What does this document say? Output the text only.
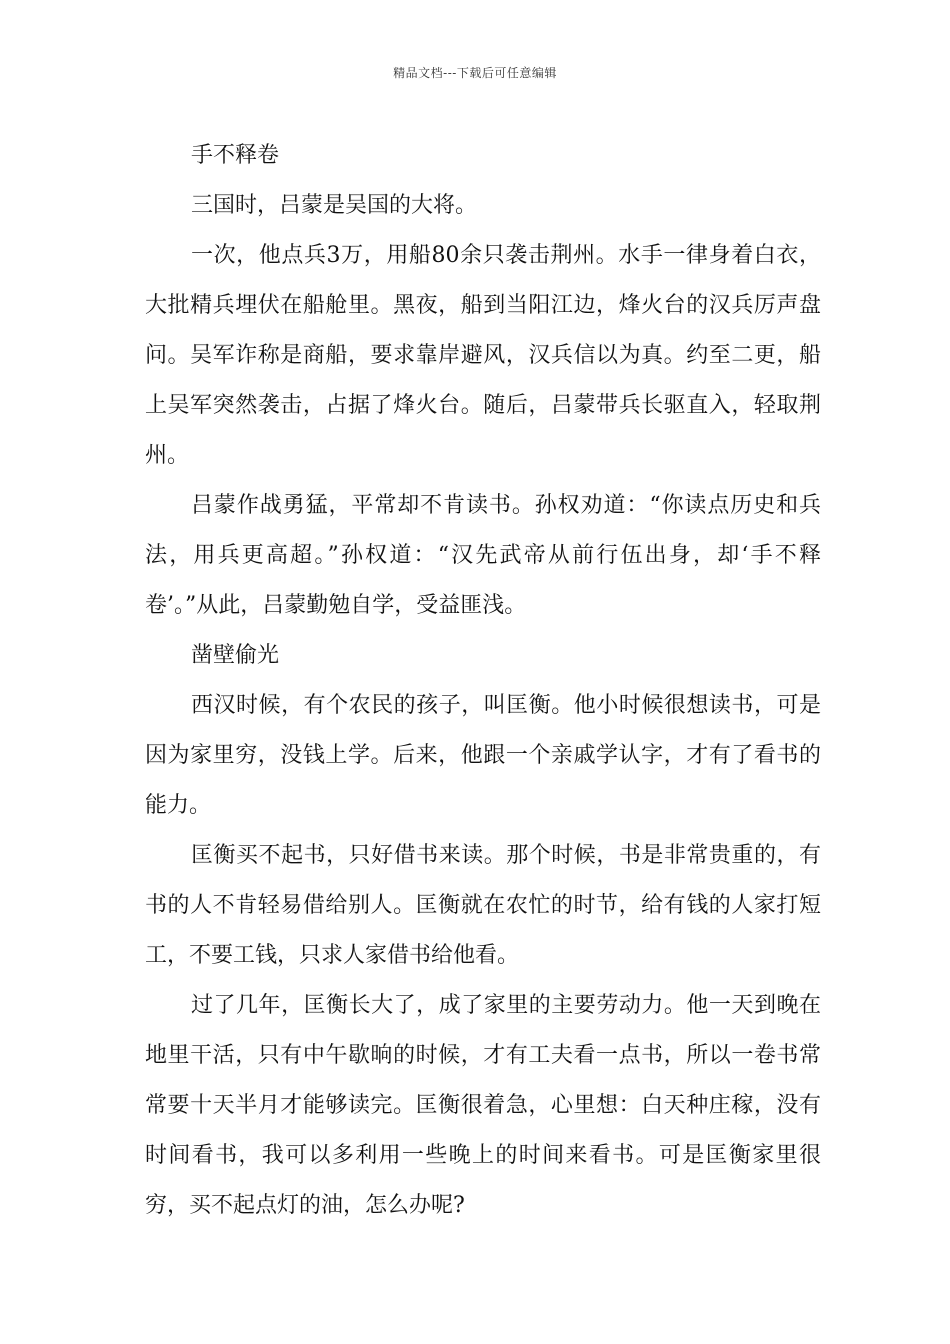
精品文档---下载后可任意编辑

手不释卷

三国时，吕蒙是吴国的大将。

一次，他点兵3万，用船80余只袭击荆州。水手一律身着白衣，大批精兵埋伏在船舱里。黑夜，船到当阳江边，烽火台的汉兵厉声盘问。吴军诈称是商船，要求靠岸避风，汉兵信以为真。约至二更，船上吴军突然袭击，占据了烽火台。随后，吕蒙带兵长驱直入，轻取荆州。

吕蒙作战勇猛，平常却不肯读书。孙权劝道：“你读点历史和兵法，用兵更高超。”孙权道：“汉先武帝从前行伍出身，却‘手不释卷’。”从此，吕蒙勤勉自学，受益匪浅。

凿壁偷光

西汉时候，有个农民的孩子，叫匡衡。他小时候很想读书，可是因为家里穷，没钱上学。后来，他跟一个亲戚学认字，才有了看书的能力。

匡衡买不起书，只好借书来读。那个时候，书是非常贵重的，有书的人不肯轻易借给别人。匡衡就在农忙的时节，给有钱的人家打短工，不要工钱，只求人家借书给他看。

过了几年，匡衡长大了，成了家里的主要劳动力。他一天到晚在地里干活，只有中午歇晌的时候，才有工夫看一点书，所以一卷书常常要十天半月才能够读完。匡衡很着急，心里想：白天种庄稼，没有时间看书，我可以多利用一些晚上的时间来看书。可是匡衡家里很穷，买不起点灯的油，怎么办呢?
